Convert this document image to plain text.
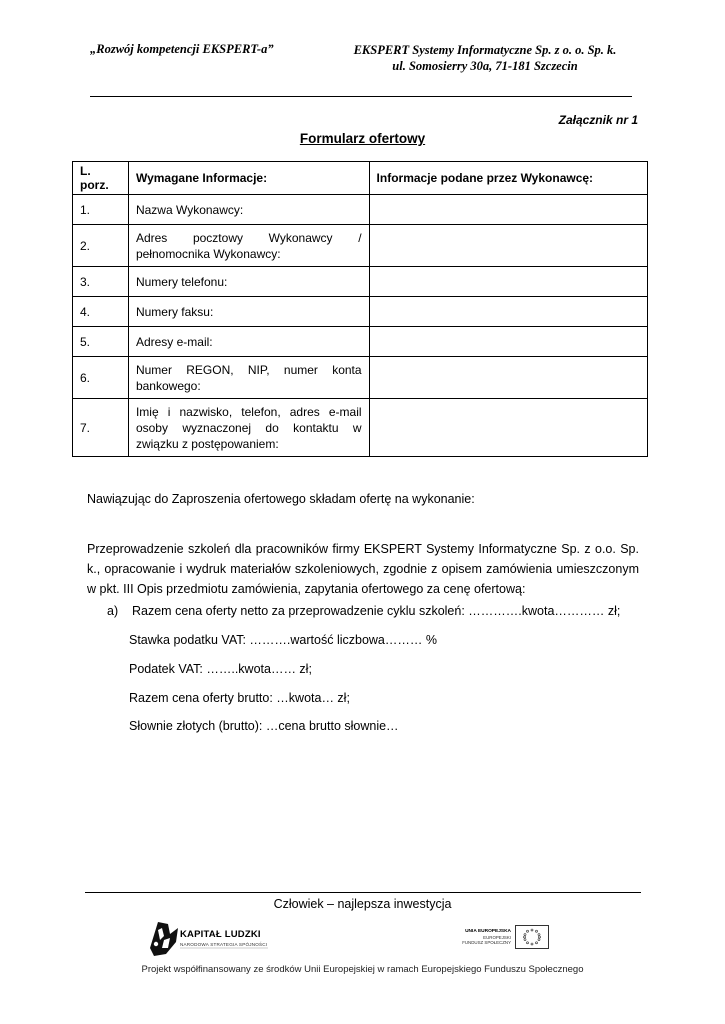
„Rozwój kompetencji EKSPERT-a”	EKSPERT Systemy Informatyczne Sp. z o. o. Sp. k.
ul. Somosierry 30a, 71-181 Szczecin
Załącznik nr 1
Formularz ofertowy
L. porz.	Wymagane Informacje:	Informacje podane przez Wykonawcę:
1.	Nazwa Wykonawcy:	
2.	Adres pocztowy Wykonawcy / pełnomocnika Wykonawcy:	
3.	Numery telefonu:	
4.	Numery faksu:	
5.	Adresy e-mail:	
6.	Numer REGON, NIP, numer konta bankowego:	
7.	Imię i nazwisko, telefon, adres e-mail osoby wyznaczonej do kontaktu w związku z postępowaniem:	
Nawiązując do Zaproszenia ofertowego składam ofertę na wykonanie:
Przeprowadzenie szkoleń dla pracowników firmy EKSPERT Systemy Informatyczne Sp. z o.o. Sp. k., opracowanie i wydruk materiałów szkoleniowych, zgodnie z opisem zamówienia umieszczonym w pkt. III Opis przedmiotu zamówienia, zapytania ofertowego za cenę ofertową:
a)    Razem cena oferty netto za przeprowadzenie cyklu szkoleń: ………….kwota………… zł;
Stawka podatku VAT: ……….wartość liczbowa……… %
Podatek VAT: ……..kwota…… zł;
Razem cena oferty brutto: …kwota… zł;
Słownie złotych (brutto): …cena brutto słownie…
Człowiek – najlepsza inwestycja
KAPITAŁ LUDZKI
NARODOWA STRATEGIA SPÓJNOŚCI
UNIA EUROPEJSKA
EUROPEJSKI
FUNDUSZ SPOŁECZNY
Projekt współfinansowany ze środków Unii Europejskiej w ramach Europejskiego Funduszu Społecznego
